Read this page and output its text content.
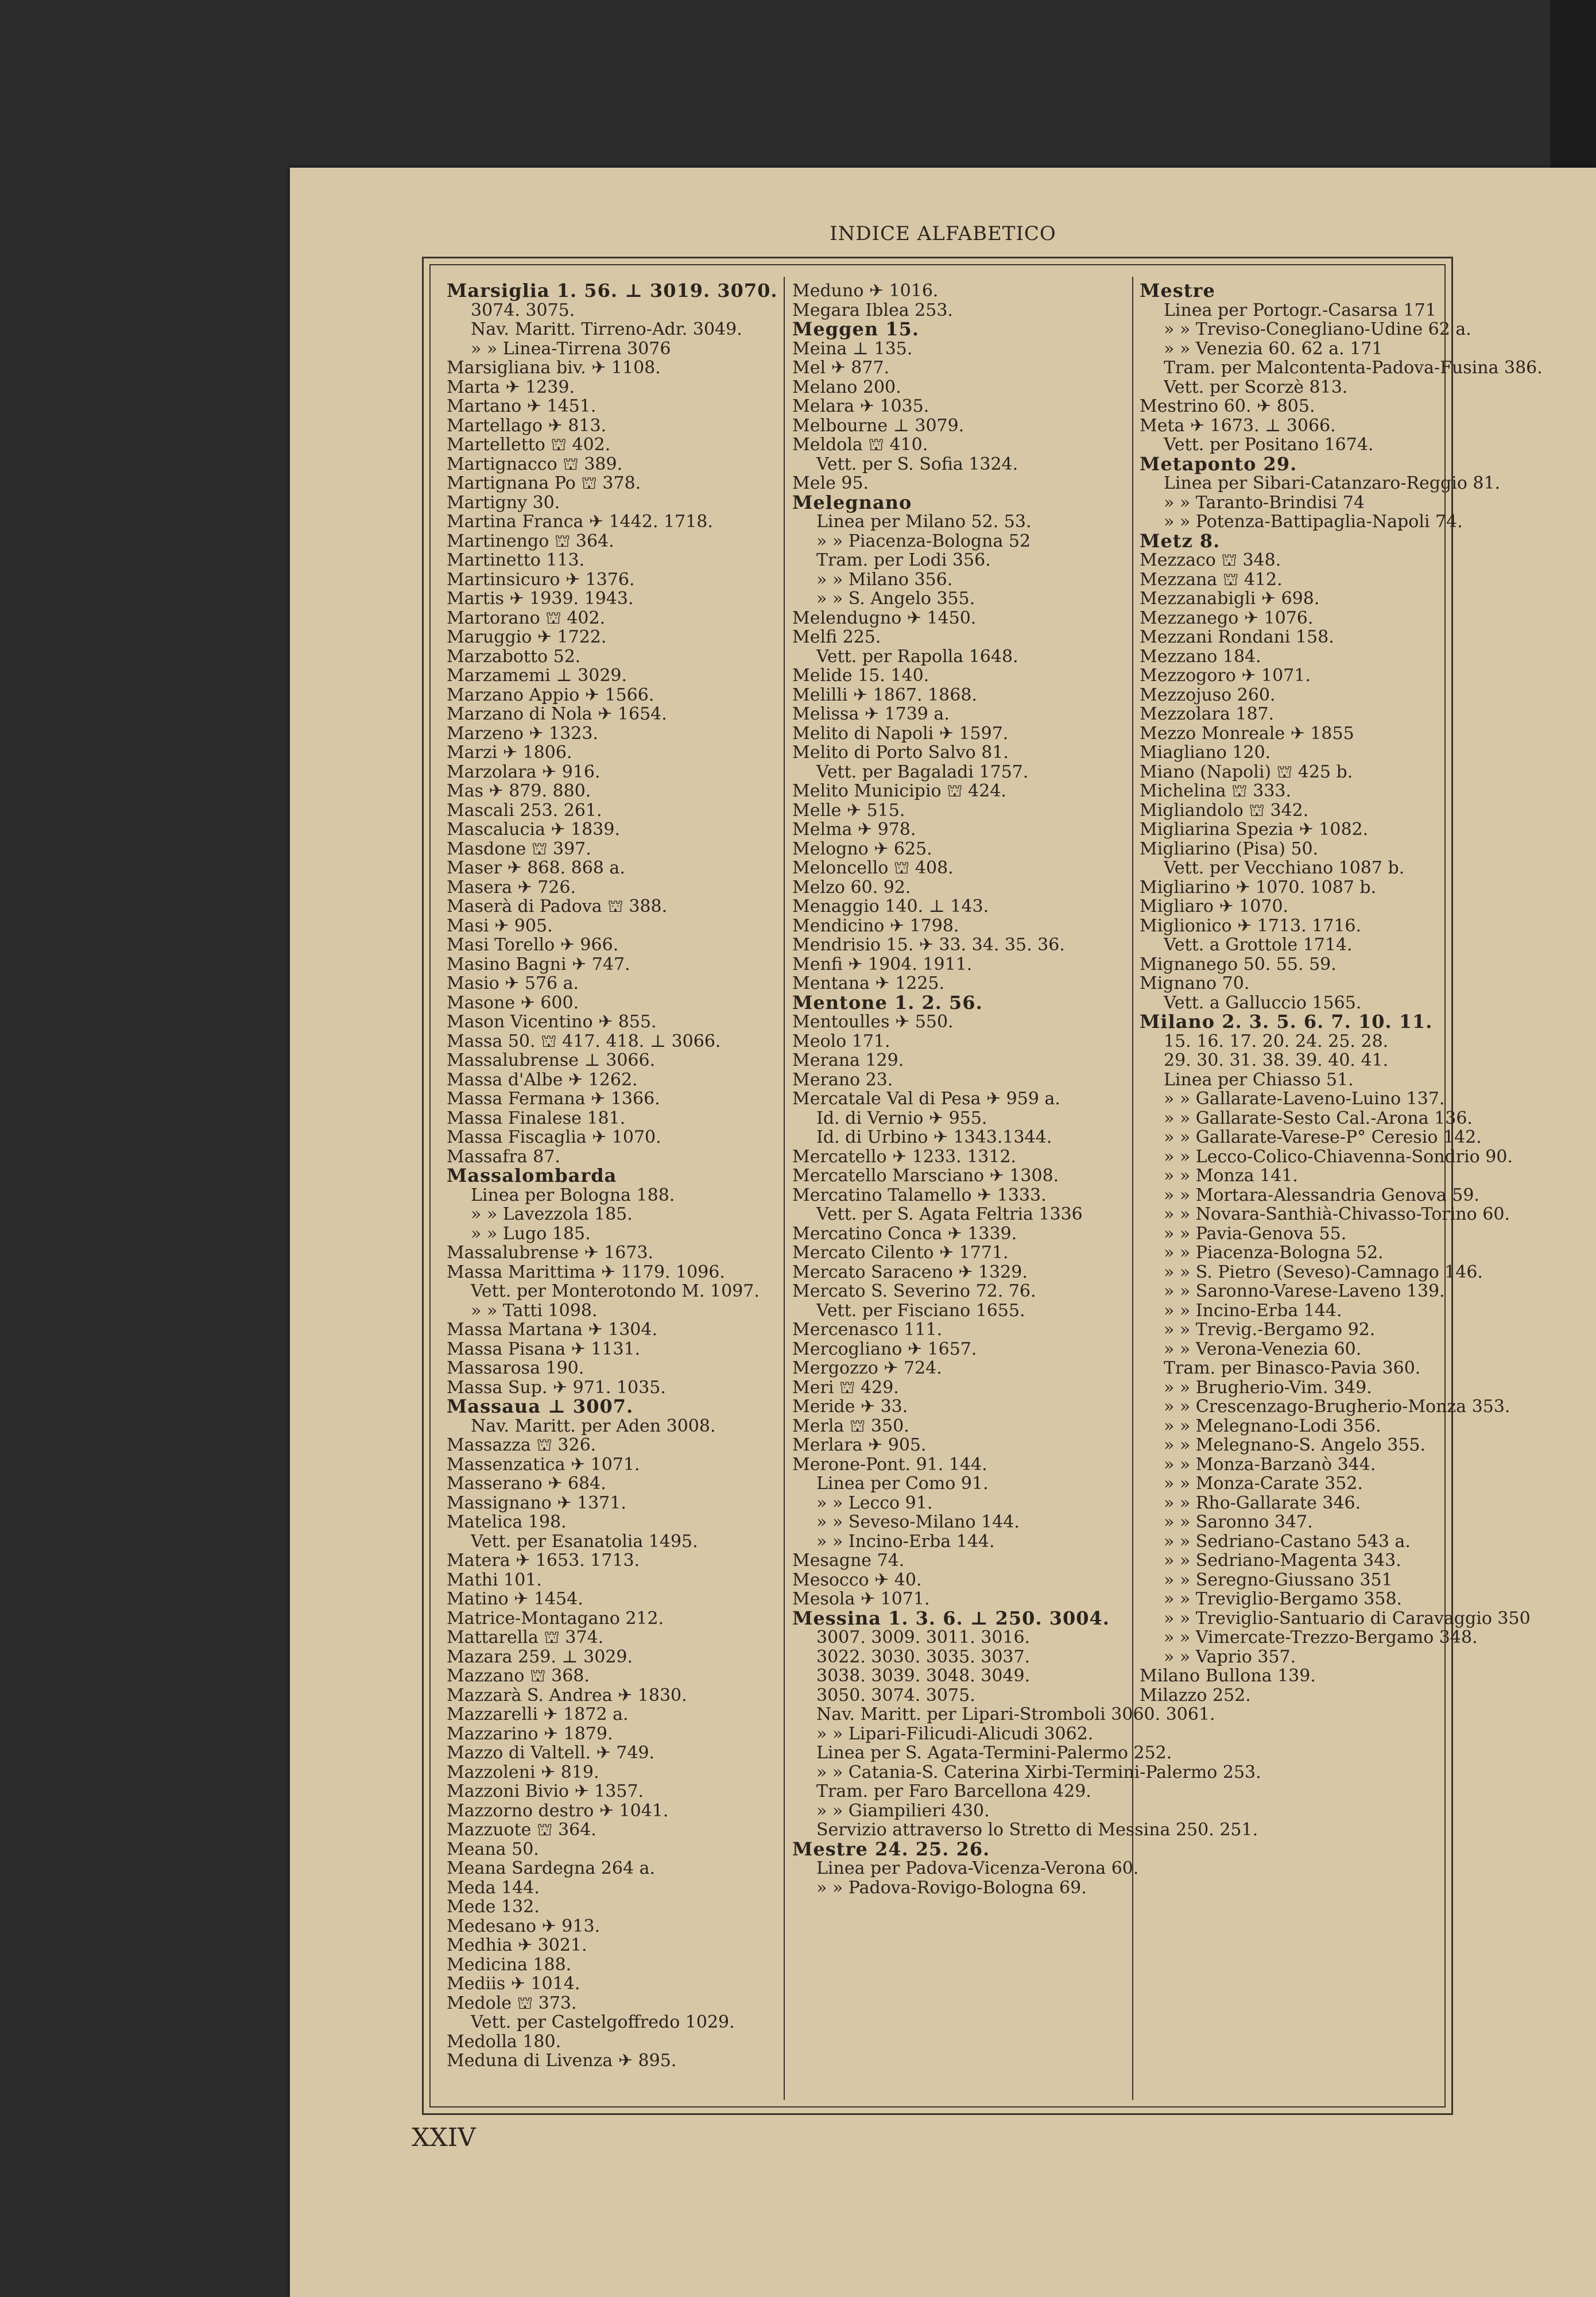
INDICE ALFABETICO
Marsiglia 1. 56. ⊥ 3019. 3070.
3074. 3075.
Nav. Maritt. Tirreno-Adr. 3049.
» » Linea-Tirrena 3076
Marsigliana biv. ✈ 1108.
Marta ✈ 1239.
Martano ✈ 1451.
Martellago ✈ 813.
Martelletto ⛫ 402.
Martignacco ⛫ 389.
Martignana Po ⛫ 378.
Martigny 30.
Martina Franca ✈ 1442. 1718.
Martinengo ⛫ 364.
Martinetto 113.
Martinsicuro ✈ 1376.
Martis ✈ 1939. 1943.
Martorano ⛫ 402.
Maruggio ✈ 1722.
Marzabotto 52.
Marzamemi ⊥ 3029.
Marzano Appio ✈ 1566.
Marzano di Nola ✈ 1654.
Marzeno ✈ 1323.
Marzi ✈ 1806.
Marzolara ✈ 916.
Mas ✈ 879. 880.
Mascali 253. 261.
Mascalucia ✈ 1839.
Masdone ⛫ 397.
Maser ✈ 868. 868 a.
Masera ✈ 726.
Maserà di Padova ⛫ 388.
Masi ✈ 905.
Masi Torello ✈ 966.
Masino Bagni ✈ 747.
Masio ✈ 576 a.
Masone ✈ 600.
Mason Vicentino ✈ 855.
Massa 50. ⛫ 417. 418. ⊥ 3066.
Massalubrense ⊥ 3066.
Massa d'Albe ✈ 1262.
Massa Fermana ✈ 1366.
Massa Finalese 181.
Massa Fiscaglia ✈ 1070.
Massafra 87.
Massalombarda
Linea per Bologna 188.
» » Lavezzola 185.
» » Lugo 185.
Massalubrense ✈ 1673.
Massa Marittima ✈ 1179. 1096.
Vett. per Monterotondo M. 1097.
» » Tatti 1098.
Massa Martana ✈ 1304.
Massa Pisana ✈ 1131.
Massarosa 190.
Massa Sup. ✈ 971. 1035.
Massaua ⊥ 3007.
Nav. Maritt. per Aden 3008.
Massazza ⛫ 326.
Massenzatica ✈ 1071.
Masserano ✈ 684.
Massignano ✈ 1371.
Matelica 198.
Vett. per Esanatolia 1495.
Matera ✈ 1653. 1713.
Mathi 101.
Matino ✈ 1454.
Matrice-Montagano 212.
Mattarella ⛫ 374.
Mazara 259. ⊥ 3029.
Mazzano ⛫ 368.
Mazzarà S. Andrea ✈ 1830.
Mazzarelli ✈ 1872 a.
Mazzarino ✈ 1879.
Mazzo di Valtell. ✈ 749.
Mazzoleni ✈ 819.
Mazzoni Bivio ✈ 1357.
Mazzorno destro ✈ 1041.
Mazzuote ⛫ 364.
Meana 50.
Meana Sardegna 264 a.
Meda 144.
Mede 132.
Medesano ✈ 913.
Medhia ✈ 3021.
Medicina 188.
Mediis ✈ 1014.
Medole ⛫ 373.
Vett. per Castelgoffredo 1029.
Medolla 180.
Meduna di Livenza ✈ 895.
Meduno ✈ 1016.
Megara Iblea 253.
Meggen 15.
Meina ⊥ 135.
Mel ✈ 877.
Melano 200.
Melara ✈ 1035.
Melbourne ⊥ 3079.
Meldola ⛫ 410.
Vett. per S. Sofia 1324.
Mele 95.
Melegnano
Linea per Milano 52. 53.
» » Piacenza-Bologna 52
Tram. per Lodi 356.
» » Milano 356.
» » S. Angelo 355.
Melendugno ✈ 1450.
Melfi 225.
Vett. per Rapolla 1648.
Melide 15. 140.
Melilli ✈ 1867. 1868.
Melissa ✈ 1739 a.
Melito di Napoli ✈ 1597.
Melito di Porto Salvo 81.
Vett. per Bagaladi 1757.
Melito Municipio ⛫ 424.
Melle ✈ 515.
Melma ✈ 978.
Melogno ✈ 625.
Meloncello ⛫ 408.
Melzo 60. 92.
Menaggio 140. ⊥ 143.
Mendicino ✈ 1798.
Mendrisio 15. ✈ 33. 34. 35. 36.
Menfi ✈ 1904. 1911.
Mentana ✈ 1225.
Mentone 1. 2. 56.
Mentoulles ✈ 550.
Meolo 171.
Merana 129.
Merano 23.
Mercatale Val di Pesa ✈ 959 a.
Id. di Vernio ✈ 955.
Id. di Urbino ✈ 1343.1344.
Mercatello ✈ 1233. 1312.
Mercatello Marsciano ✈ 1308.
Mercatino Talamello ✈ 1333.
Vett. per S. Agata Feltria 1336
Mercatino Conca ✈ 1339.
Mercato Cilento ✈ 1771.
Mercato Saraceno ✈ 1329.
Mercato S. Severino 72. 76.
Vett. per Fisciano 1655.
Mercenasco 111.
Mercogliano ✈ 1657.
Mergozzo ✈ 724.
Meri ⛫ 429.
Meride ✈ 33.
Merla ⛫ 350.
Merlara ✈ 905.
Merone-Pont. 91. 144.
Linea per Como 91.
» » Lecco 91.
» » Seveso-Milano 144.
» » Incino-Erba 144.
Mesagne 74.
Mesocco ✈ 40.
Mesola ✈ 1071.
Messina 1. 3. 6. ⊥ 250. 3004.
3007. 3009. 3011. 3016.
3022. 3030. 3035. 3037.
3038. 3039. 3048. 3049.
3050. 3074. 3075.
Nav. Maritt. per Lipari-Stromboli 3060. 3061.
» » Lipari-Filicudi-Alicudi 3062.
Linea per S. Agata-Termini-Palermo 252.
» » Catania-S. Caterina Xirbi-Termini-Palermo 253.
Tram. per Faro Barcellona 429.
» » Giampilieri 430.
Servizio attraverso lo Stretto di Messina 250. 251.
Mestre 24. 25. 26.
Linea per Padova-Vicenza-Verona 60.
» » Padova-Rovigo-Bologna 69.
Mestre
Linea per Portogr.-Casarsa 171
» » Treviso-Conegliano-Udine 62 a.
» » Venezia 60. 62 a. 171
Tram. per Malcontenta-Padova-Fusina 386.
Vett. per Scorzè 813.
Mestrino 60. ✈ 805.
Meta ✈ 1673. ⊥ 3066.
Vett. per Positano 1674.
Metaponto 29.
Linea per Sibari-Catanzaro-Reggio 81.
» » Taranto-Brindisi 74
» » Potenza-Battipaglia-Napoli 74.
Metz 8.
Mezzaco ⛫ 348.
Mezzana ⛫ 412.
Mezzanabigli ✈ 698.
Mezzanego ✈ 1076.
Mezzani Rondani 158.
Mezzano 184.
Mezzogoro ✈ 1071.
Mezzojuso 260.
Mezzolara 187.
Mezzo Monreale ✈ 1855
Miagliano 120.
Miano (Napoli) ⛫ 425 b.
Michelina ⛫ 333.
Migliandolo ⛫ 342.
Migliarina Spezia ✈ 1082.
Migliarino (Pisa) 50.
Vett. per Vecchiano 1087 b.
Migliarino ✈ 1070. 1087 b.
Migliaro ✈ 1070.
Miglionico ✈ 1713. 1716.
Vett. a Grottole 1714.
Mignanego 50. 55. 59.
Mignano 70.
Vett. a Galluccio 1565.
Milano 2. 3. 5. 6. 7. 10. 11.
15. 16. 17. 20. 24. 25. 28.
29. 30. 31. 38. 39. 40. 41.
Linea per Chiasso 51.
» » Gallarate-Laveno-Luino 137.
» » Gallarate-Sesto Cal.-Arona 136.
» » Gallarate-Varese-P° Ceresio 142.
» » Lecco-Colico-Chiavenna-Sondrio 90.
» » Monza 141.
» » Mortara-Alessandria Genova 59.
» » Novara-Santhià-Chivasso-Torino 60.
» » Pavia-Genova 55.
» » Piacenza-Bologna 52.
» » S. Pietro (Seveso)-Camnago 146.
» » Saronno-Varese-Laveno 139.
» » Incino-Erba 144.
» » Trevig.-Bergamo 92.
» » Verona-Venezia 60.
Tram. per Binasco-Pavia 360.
» » Brugherio-Vim. 349.
» » Crescenzago-Brugherio-Monza 353.
» » Melegnano-Lodi 356.
» » Melegnano-S. Angelo 355.
» » Monza-Barzanò 344.
» » Monza-Carate 352.
» » Rho-Gallarate 346.
» » Saronno 347.
» » Sedriano-Castano 543 a.
» » Sedriano-Magenta 343.
» » Seregno-Giussano 351
» » Treviglio-Bergamo 358.
» » Treviglio-Santuario di Caravaggio 350
» » Vimercate-Trezzo-Bergamo 348.
» » Vaprio 357.
Milano Bullona 139.
Milazzo 252.
XXIV
